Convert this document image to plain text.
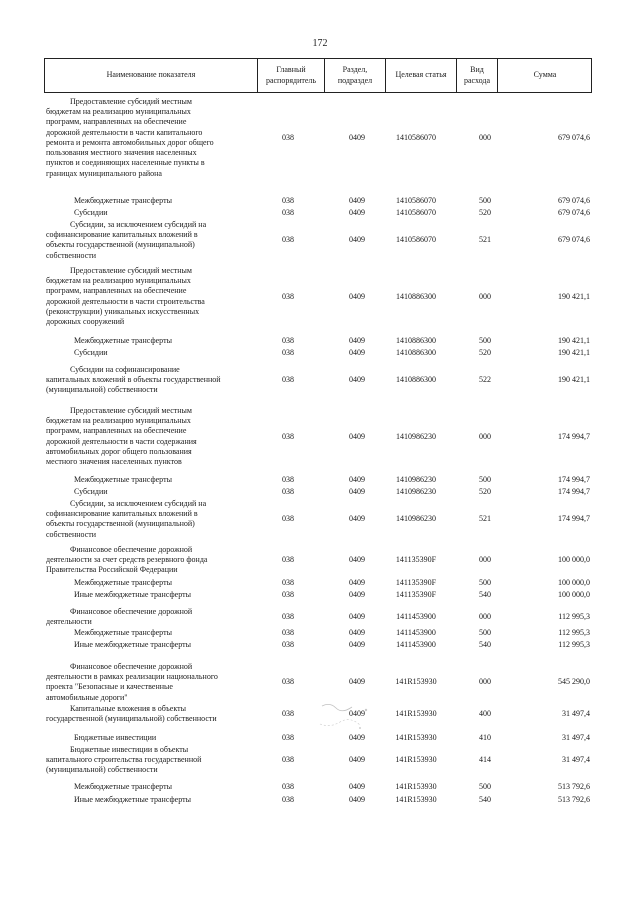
172
Наименование показателя
Главный
распорядитель
Раздел,
подраздел
Целевая статья
Вид
расхода
Сумма
Предоставление субсидий местным
бюджетам на реализацию муниципальных
программ, направленных на обеспечение
дорожной деятельности в части капитального
ремонта и ремонта автомобильных дорог общего
пользования местного значения населенных
пунктов и соединяющих населенные пункты в
границах муниципального района
038	0409	1410586070	000	679 074,6
Межбюджетные трансферты	038	0409	1410586070	500	679 074,6
Субсидии	038	0409	1410586070	520	679 074,6
Субсидии, за исключением субсидий на
софинансирование капитальных вложений в
объекты государственной (муниципальной)
собственности
038	0409	1410586070	521	679 074,6
Предоставление субсидий местным
бюджетам на реализацию муниципальных
программ, направленных на обеспечение
дорожной деятельности в части строительства
(реконструкции) уникальных искусственных
дорожных сооружений
038	0409	1410886300	000	190 421,1
Межбюджетные трансферты	038	0409	1410886300	500	190 421,1
Субсидии	038	0409	1410886300	520	190 421,1
Субсидии на софинансирование
капитальных вложений в объекты государственной
(муниципальной) собственности
038	0409	1410886300	522	190 421,1
Предоставление субсидий местным
бюджетам на реализацию муниципальных
программ, направленных на обеспечение
дорожной деятельности в части содержания
автомобильных дорог общего пользования
местного значения населенных пунктов
038	0409	1410986230	000	174 994,7
Межбюджетные трансферты	038	0409	1410986230	500	174 994,7
Субсидии	038	0409	1410986230	520	174 994,7
Субсидии, за исключением субсидий на
софинансирование капитальных вложений в
объекты государственной (муниципальной)
собственности
038	0409	1410986230	521	174 994,7
Финансовое обеспечение дорожной
деятельности за счет средств резервного фонда
Правительства Российской Федерации
038	0409	141135390F	000	100 000,0
Межбюджетные трансферты	038	0409	141135390F	500	100 000,0
Иные межбюджетные трансферты	038	0409	141135390F	540	100 000,0
Финансовое обеспечение дорожной
деятельности
038	0409	1411453900	000	112 995,3
Межбюджетные трансферты	038	0409	1411453900	500	112 995,3
Иные межбюджетные трансферты	038	0409	1411453900	540	112 995,3
Финансовое обеспечение дорожной
деятельности в рамках реализации национального
проекта "Безопасные и качественные
автомобильные дороги"
038	0409	141R153930	000	545 290,0
Капитальные вложения в объекты
государственной (муниципальной) собственности
038	0409	141R153930	400	31 497,4
Бюджетные инвестиции	038	0409	141R153930	410	31 497,4
Бюджетные инвестиции в объекты
капитального строительства государственной
(муниципальной) собственности
038	0409	141R153930	414	31 497,4
Межбюджетные трансферты	038	0409	141R153930	500	513 792,6
Иные межбюджетные трансферты	038	0409	141R153930	540	513 792,6
